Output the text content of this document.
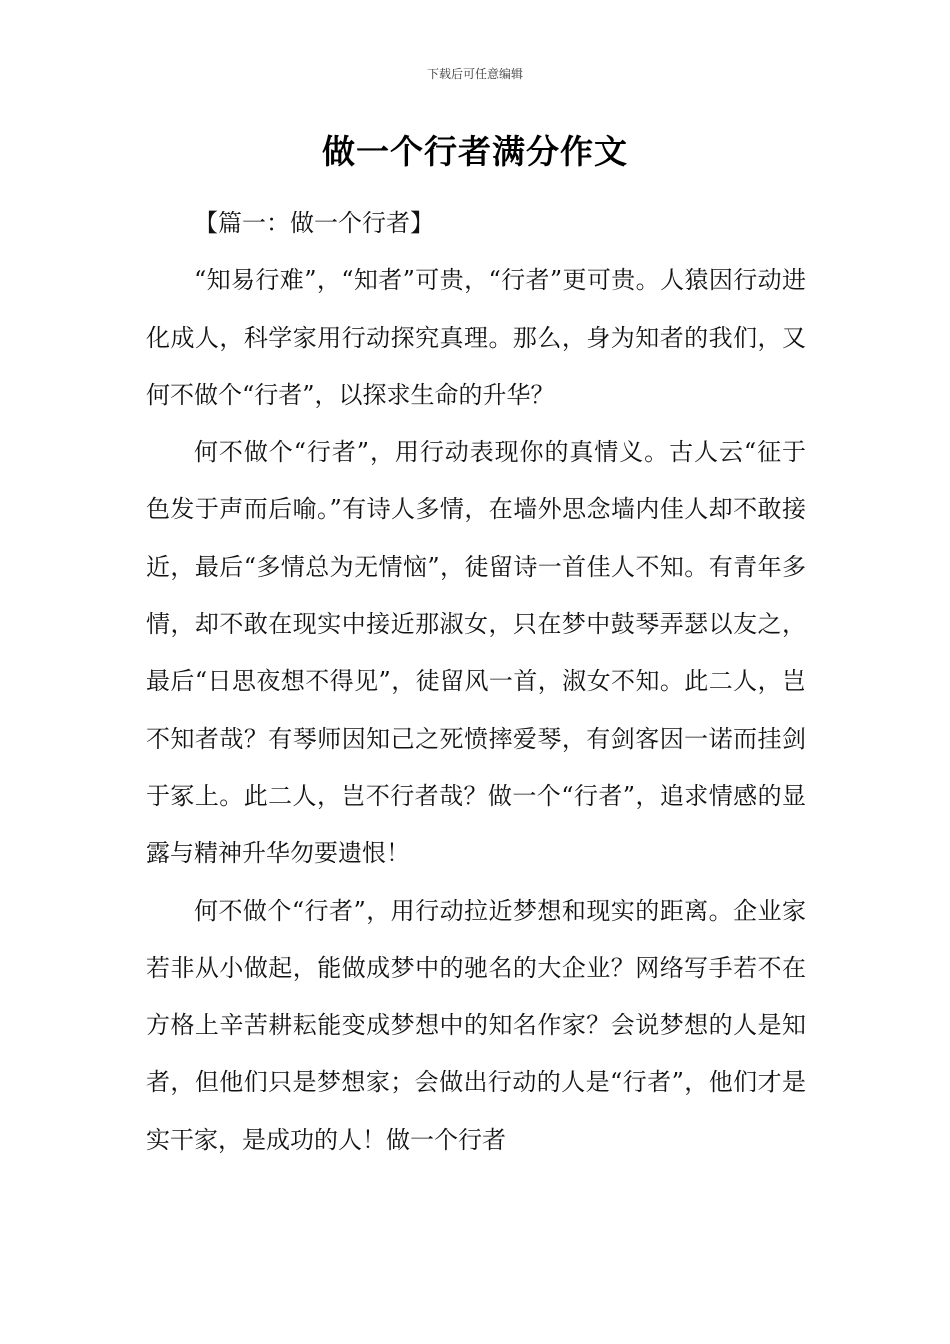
下载后可任意编辑
做一个行者满分作文

【篇一：做一个行者】

“知易行难”，“知者”可贵，“行者”更可贵。人猿因行动进化成人，科学家用行动探究真理。那么，身为知者的我们，又何不做个“行者”，以探求生命的升华？

何不做个“行者”，用行动表现你的真情义。古人云“征于色发于声而后喻。”有诗人多情，在墙外思念墙内佳人却不敢接近，最后“多情总为无情恼”，徒留诗一首佳人不知。有青年多情，却不敢在现实中接近那淑女，只在梦中鼓琴弄瑟以友之，最后“日思夜想不得见”，徒留风一首，淑女不知。此二人，岂不知者哉？有琴师因知己之死愤摔爱琴，有剑客因一诺而挂剑于冢上。此二人，岂不行者哉？做一个“行者”，追求情感的显露与精神升华勿要遗恨！

何不做个“行者”，用行动拉近梦想和现实的距离。企业家若非从小做起，能做成梦中的驰名的大企业？网络写手若不在方格上辛苦耕耘能变成梦想中的知名作家？会说梦想的人是知者，但他们只是梦想家；会做出行动的人是“行者”，他们才是实干家，是成功的人！做一个行者
